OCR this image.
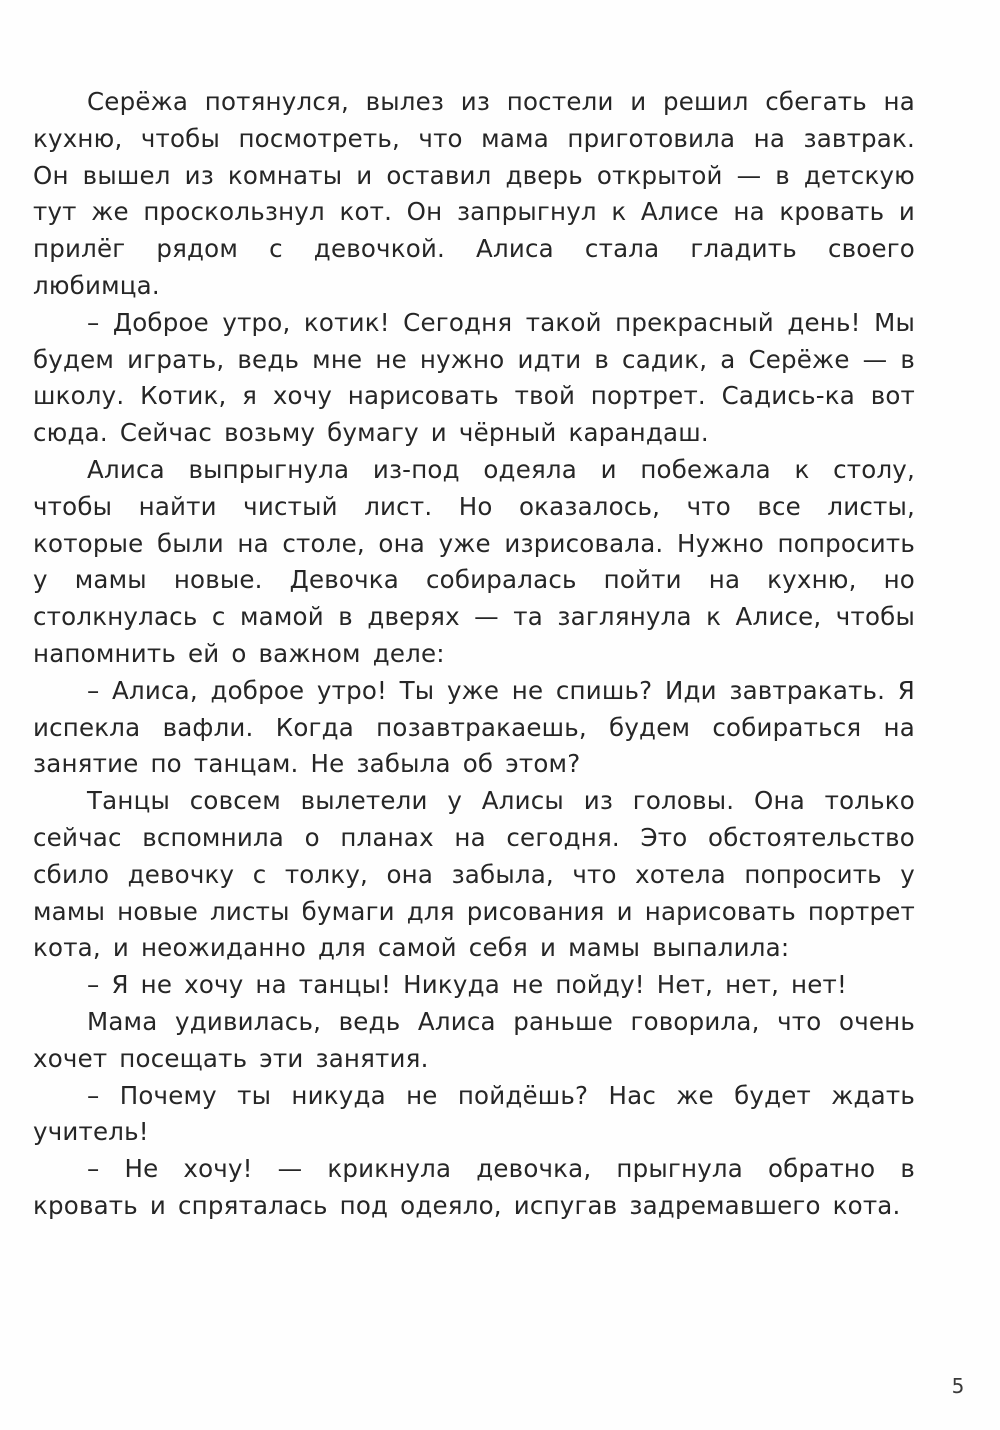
Серёжа потянулся, вылез из постели и решил сбегать на кухню, чтобы посмотреть, что мама приготовила на завтрак. Он вышел из комнаты и оставил дверь открытой — в детскую тут же проскользнул кот. Он запрыгнул к Алисе на кровать и прилёг рядом с девочкой. Алиса стала гладить своего любимца.

– Доброе утро, котик! Сегодня такой прекрасный день! Мы будем играть, ведь мне не нужно идти в садик, а Серёже — в школу. Котик, я хочу нарисовать твой портрет. Садись-ка вот сюда. Сейчас возьму бумагу и чёрный карандаш.

Алиса выпрыгнула из-под одеяла и побежала к столу, чтобы найти чистый лист. Но оказалось, что все листы, которые были на столе, она уже изрисовала. Нужно попросить у мамы новые. Девочка собиралась пойти на кухню, но столкнулась с мамой в дверях — та заглянула к Алисе, чтобы напомнить ей о важном деле:

– Алиса, доброе утро! Ты уже не спишь? Иди завтракать. Я испекла вафли. Когда позавтракаешь, будем собираться на занятие по танцам. Не забыла об этом?

Танцы совсем вылетели у Алисы из головы. Она только сейчас вспомнила о планах на сегодня. Это обстоятельство сбило девочку с толку, она забыла, что хотела попросить у мамы новые листы бумаги для рисования и нарисовать портрет кота, и неожиданно для самой себя и мамы выпалила:

– Я не хочу на танцы! Никуда не пойду! Нет, нет, нет!

Мама удивилась, ведь Алиса раньше говорила, что очень хочет посещать эти занятия.

– Почему ты никуда не пойдёшь? Нас же будет ждать учитель!

– Не хочу! — крикнула девочка, прыгнула обратно в кровать и спряталась под одеяло, испугав задремавшего кота.

5
